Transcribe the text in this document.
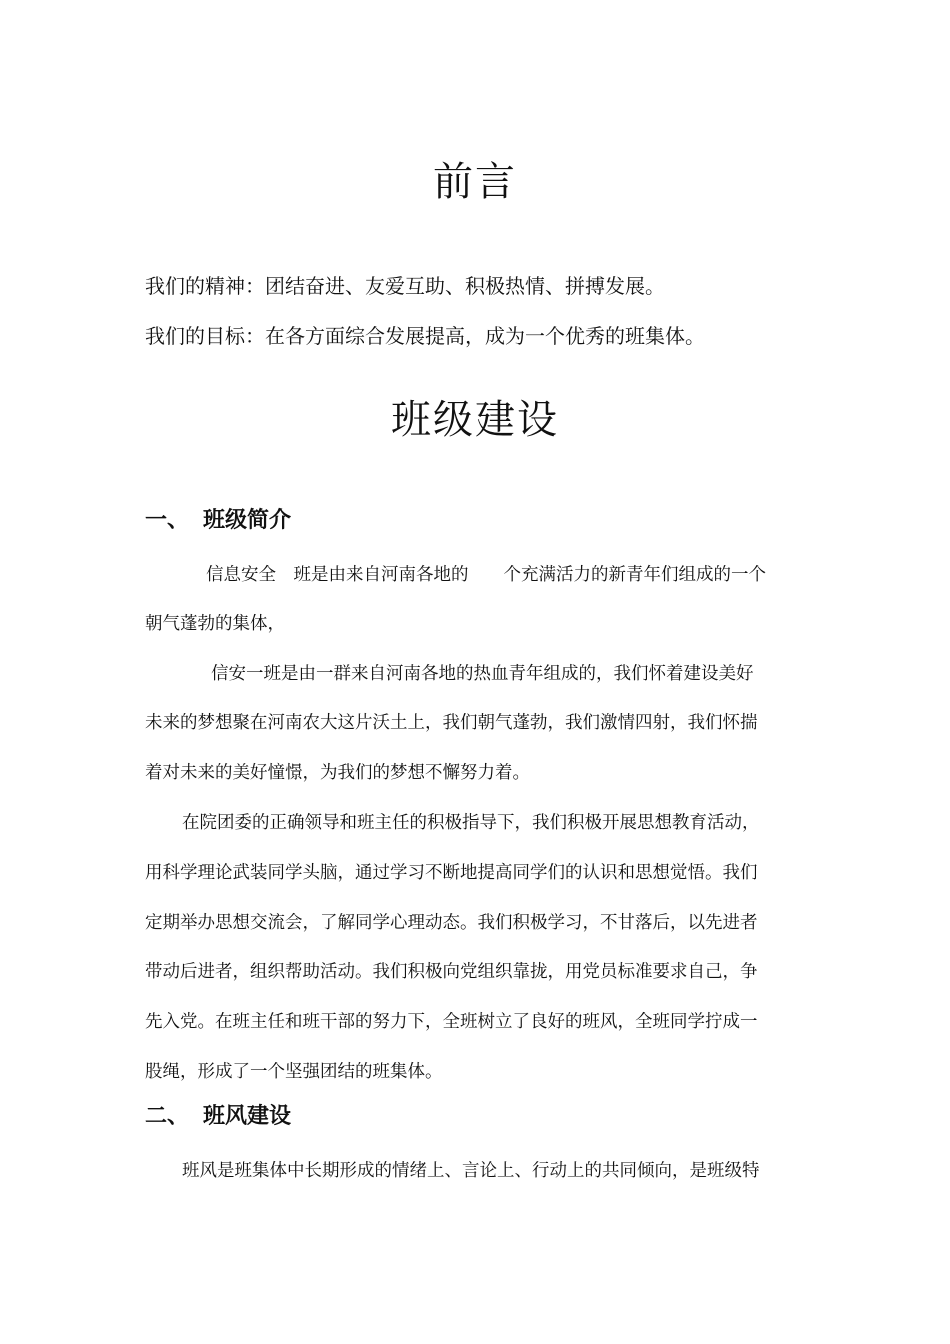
前言

我们的精神：团结奋进、友爱互助、积极热情、拼搏发展。

我们的目标：在各方面综合发展提高，成为一个优秀的班集体。

班级建设
一、 班级简介

信息安全　班是由来自河南各地的　　个充满活力的新青年们组成的一个

朝气蓬勃的集体，

信安一班是由一群来自河南各地的热血青年组成的，我们怀着建设美好

未来的梦想聚在河南农大这片沃土上，我们朝气蓬勃，我们激情四射，我们怀揣

着对未来的美好憧憬，为我们的梦想不懈努力着。

在院团委的正确领导和班主任的积极指导下，我们积极开展思想教育活动，

用科学理论武装同学头脑，通过学习不断地提高同学们的认识和思想觉悟。我们

定期举办思想交流会，了解同学心理动态。我们积极学习，不甘落后，以先进者

带动后进者，组织帮助活动。我们积极向党组织靠拢，用党员标准要求自己，争

先入党。在班主任和班干部的努力下，全班树立了良好的班风，全班同学拧成一

股绳，形成了一个坚强团结的班集体。

二、 班风建设

班风是班集体中长期形成的情绪上、言论上、行动上的共同倾向，是班级特
